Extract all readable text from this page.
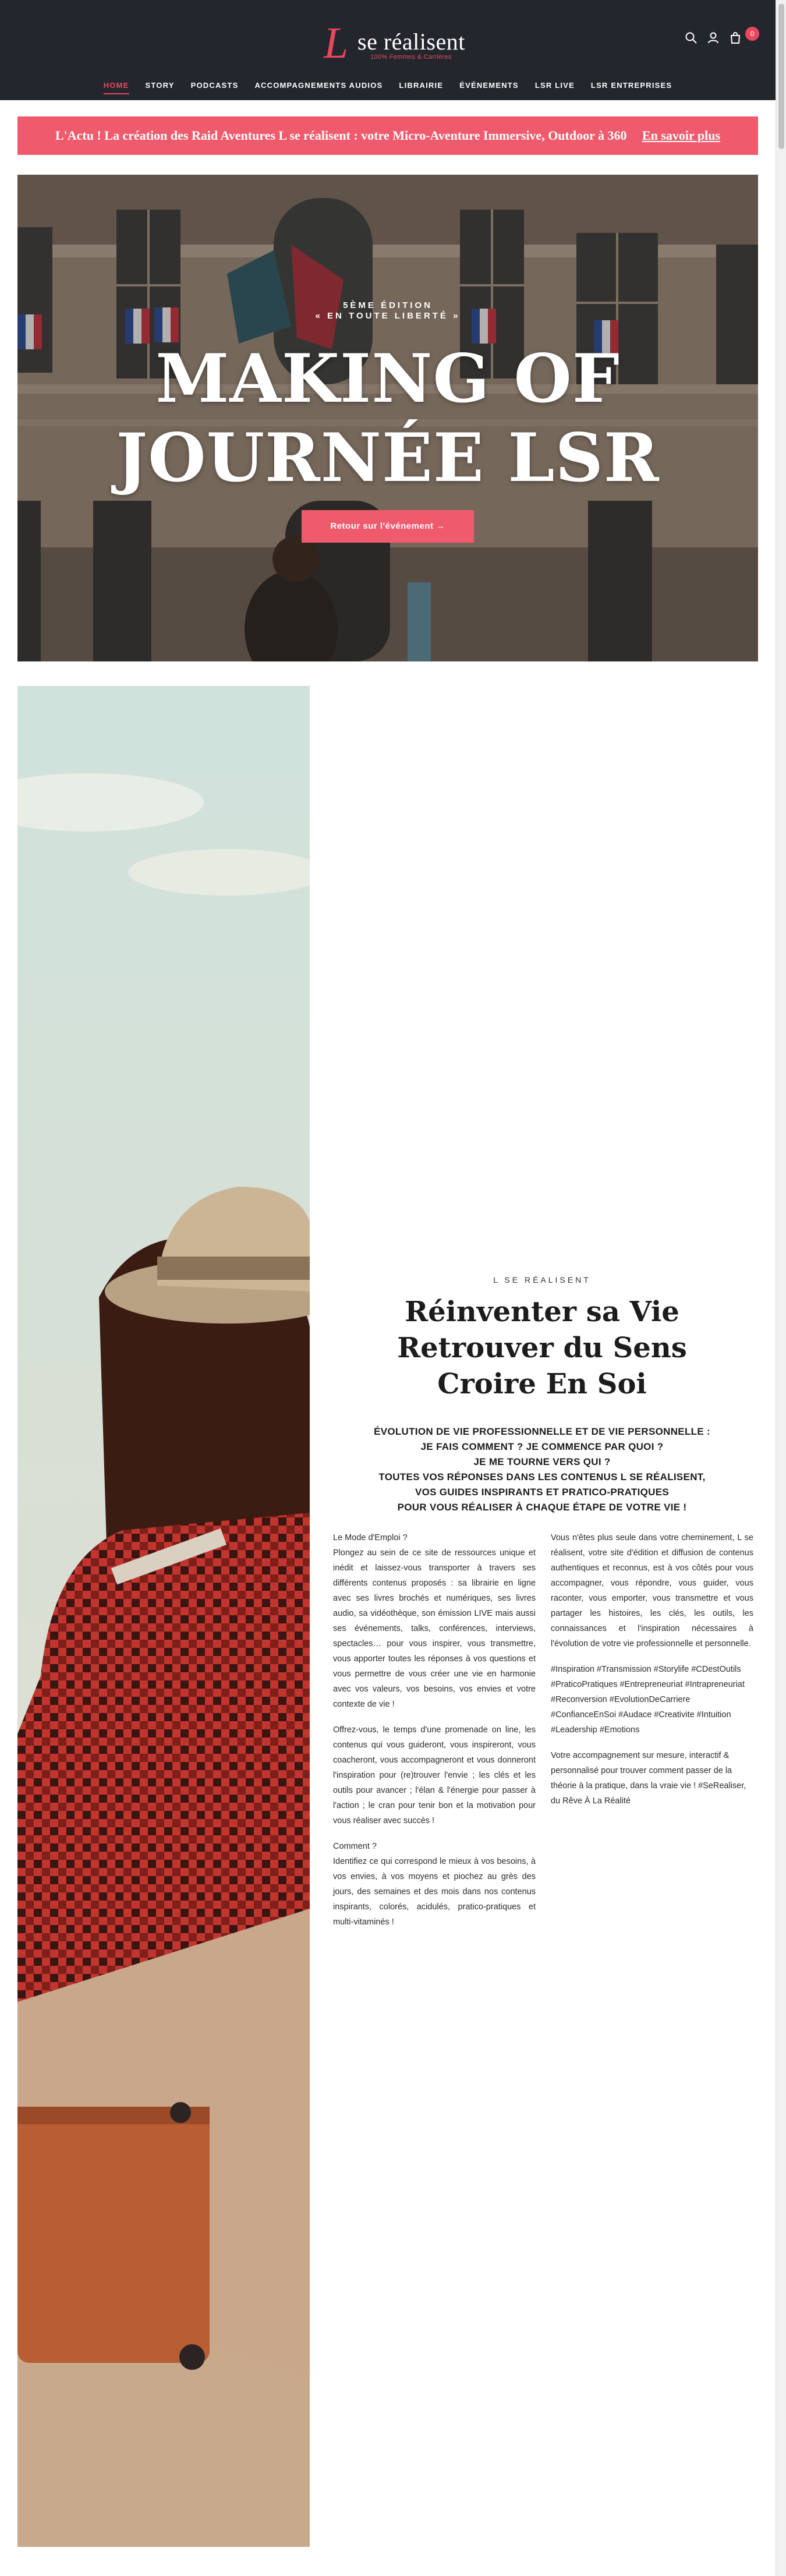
L se réalisent
100% Femmes & Carrières
0
HOME STORY PODCASTS ACCOMPAGNEMENTS AUDIOS LIBRAIRIE ÉVÉNEMENTS LSR LIVE LSR ENTREPRISES
L'Actu ! La création des Raid Aventures L se réalisent : votre Micro-Aventure Immersive, Outdoor à 360 En savoir plus
5ÈME ÉDITION
« EN TOUTE LIBERTÉ »
MAKING OF
JOURNÉE LSR
Retour sur l'événement →
L SE RÉALISENT
Réinventer sa Vie
Retrouver du Sens
Croire En Soi
ÉVOLUTION DE VIE PROFESSIONNELLE ET DE VIE PERSONNELLE :
JE FAIS COMMENT ? JE COMMENCE PAR QUOI ?
JE ME TOURNE VERS QUI ?
TOUTES VOS RÉPONSES DANS LES CONTENUS L SE RÉALISENT,
VOS GUIDES INSPIRANTS ET PRATICO-PRATIQUES
POUR VOUS RÉALISER À CHAQUE ÉTAPE DE VOTRE VIE !

Le Mode d'Emploi ?
Plongez au sein de ce site de ressources unique et inédit et laissez-vous transporter à travers ses différents contenus proposés : sa librairie en ligne avec ses livres brochés et numériques, ses livres audio, sa vidéothèque, son émission LIVE mais aussi ses événements, talks, conférences, interviews, spectacles… pour vous inspirer, vous transmettre, vous apporter toutes les réponses à vos questions et vous permettre de vous créer une vie en harmonie avec vos valeurs, vos besoins, vos envies et votre contexte de vie !

Offrez-vous, le temps d'une promenade on line, les contenus qui vous guideront, vous inspireront, vous coacheront, vous accompagneront et vous donneront l'inspiration pour (re)trouver l'envie ; les clés et les outils pour avancer ; l'élan & l'énergie pour passer à l'action ; le cran pour tenir bon et la motivation pour vous réaliser avec succès !

Comment ?
Identifiez ce qui correspond le mieux à vos besoins, à vos envies, à vos moyens et piochez au grès des jours, des semaines et des mois dans nos contenus inspirants, colorés, acidulés, pratico-pratiques et multi-vitaminés !

Vous n'êtes plus seule dans votre cheminement, L se réalisent, votre site d'édition et diffusion de contenus authentiques et reconnus, est à vos côtés pour vous accompagner, vous répondre, vous guider, vous raconter, vous emporter, vous transmettre et vous partager les histoires, les clés, les outils, les connaissances et l'inspiration nécessaires à l'évolution de votre vie professionnelle et personnelle.

#Inspiration #Transmission #Storylife #CDestOutils #PraticoPratiques #Entrepreneuriat #Intrapreneuriat #Reconversion #EvolutionDeCarriere #ConfianceEnSoi #Audace #Creativite #Intuition #Leadership #Emotions

Votre accompagnement sur mesure, interactif & personnalisé pour trouver comment passer de la théorie à la pratique, dans la vraie vie ! #SeRealiser, du Rêve À La Réalité
